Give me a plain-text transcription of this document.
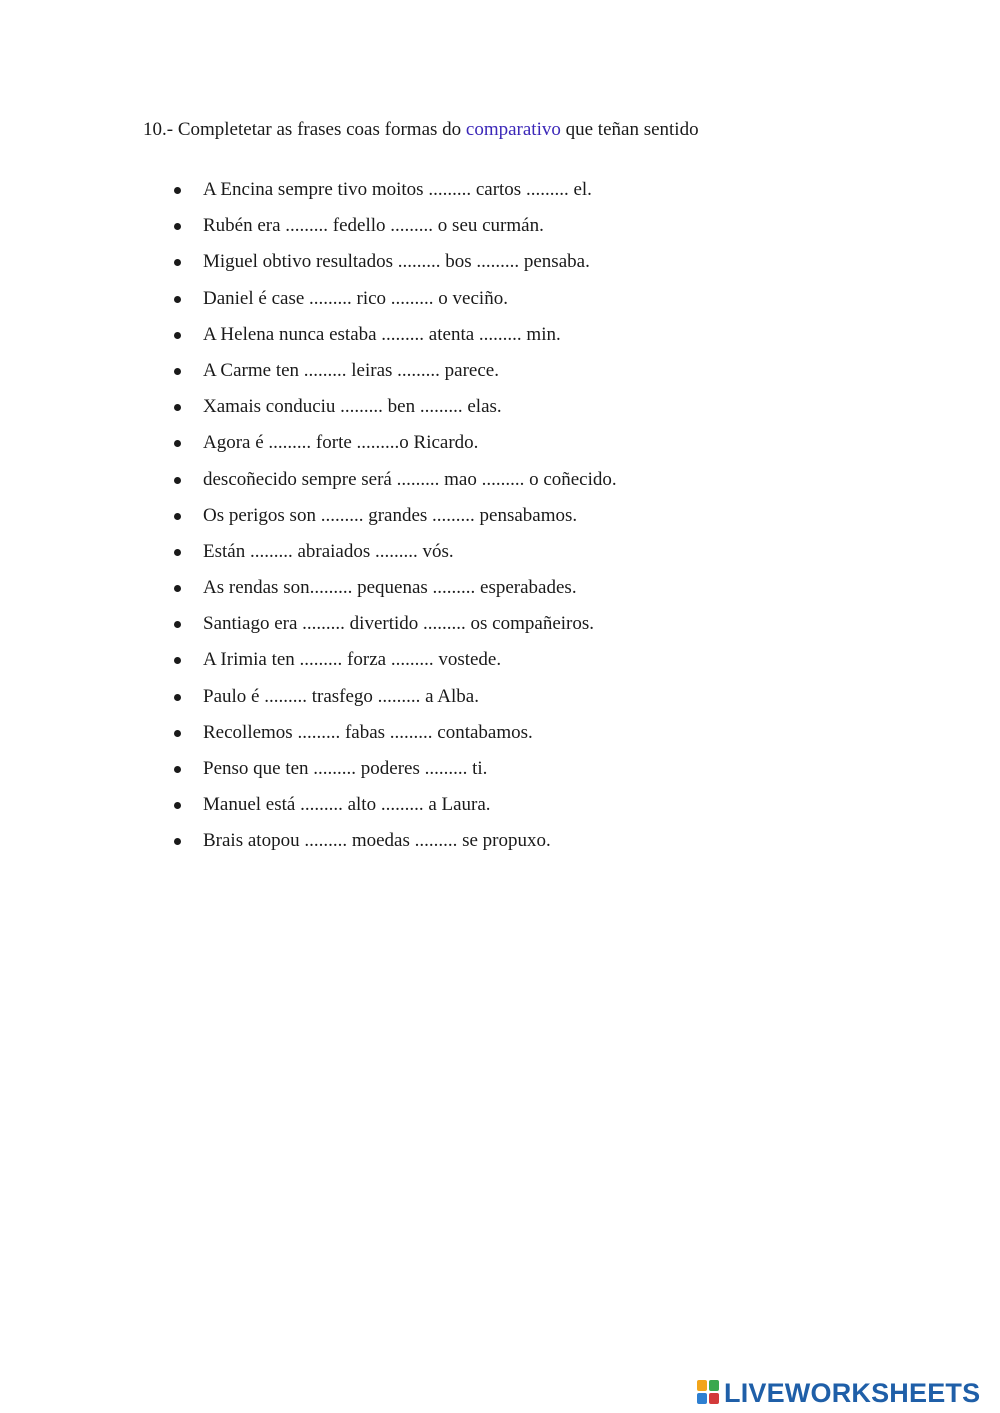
10.- Completetar as frases coas formas do comparativo que teñan sentido
A Encina sempre tivo moitos ......... cartos ......... el.
Rubén era ......... fedello ......... o seu curmán.
Miguel obtivo resultados ......... bos ......... pensaba.
Daniel é case ......... rico ......... o veciño.
A Helena nunca estaba ......... atenta ......... min.
A Carme ten ......... leiras ......... parece.
Xamais conduciu ......... ben ......... elas.
Agora é ......... forte .........o Ricardo.
descoñecido sempre será ......... mao ......... o coñecido.
Os perigos son ......... grandes ......... pensabamos.
Están ......... abraiados ......... vós.
As rendas son......... pequenas ......... esperabades.
Santiago era ......... divertido ......... os compañeiros.
A Irimia ten ......... forza ......... vostede.
Paulo é ......... trasfego ......... a Alba.
Recollemos ......... fabas ......... contabamos.
Penso que ten ......... poderes ......... ti.
Manuel está ......... alto ......... a Laura.
Brais atopou ......... moedas ......... se propuxo.
LIVEWORKSHEETS
